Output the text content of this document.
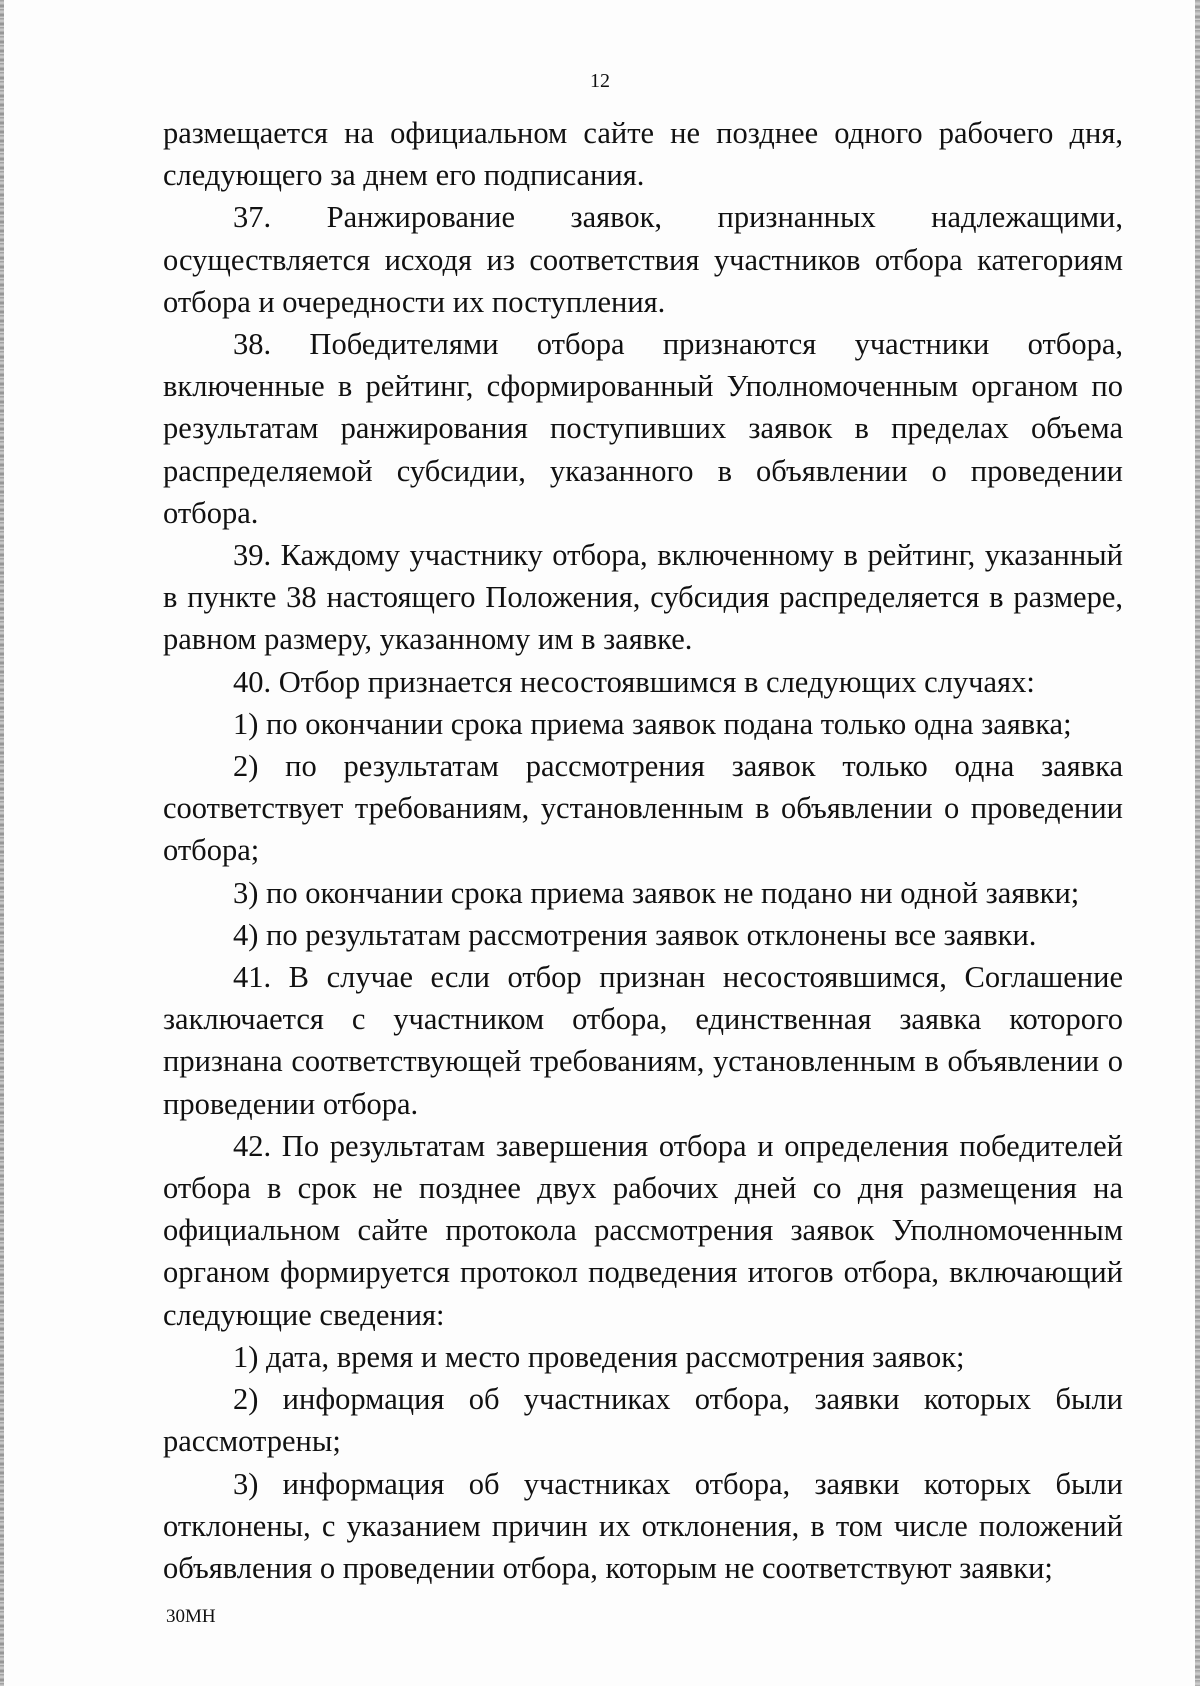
12

размещается на официальном сайте не позднее одного рабочего дня, следующего за днем его подписания.

37. Ранжирование заявок, признанных надлежащими, осуществляется исходя из соответствия участников отбора категориям отбора и очередности их поступления.

38. Победителями отбора признаются участники отбора, включенные в рейтинг, сформированный Уполномоченным органом по результатам ранжирования поступивших заявок в пределах объема распределяемой субсидии, указанного в объявлении о проведении отбора.

39. Каждому участнику отбора, включенному в рейтинг, указанный в пункте 38 настоящего Положения, субсидия распределяется в размере, равном размеру, указанному им в заявке.

40. Отбор признается несостоявшимся в следующих случаях:

1) по окончании срока приема заявок подана только одна заявка;

2) по результатам рассмотрения заявок только одна заявка соответствует требованиям, установленным в объявлении о проведении отбора;

3) по окончании срока приема заявок не подано ни одной заявки;

4) по результатам рассмотрения заявок отклонены все заявки.

41. В случае если отбор признан несостоявшимся, Соглашение заключается с участником отбора, единственная заявка которого признана соответствующей требованиям, установленным в объявлении о проведении отбора.

42. По результатам завершения отбора и определения победителей отбора в срок не позднее двух рабочих дней со дня размещения на официальном сайте протокола рассмотрения заявок Уполномоченным органом формируется протокол подведения итогов отбора, включающий следующие сведения:

1) дата, время и место проведения рассмотрения заявок;

2) информация об участниках отбора, заявки которых были рассмотрены;

3) информация об участниках отбора, заявки которых были отклонены, с указанием причин их отклонения, в том числе положений объявления о проведении отбора, которым не соответствуют заявки;

30МН
